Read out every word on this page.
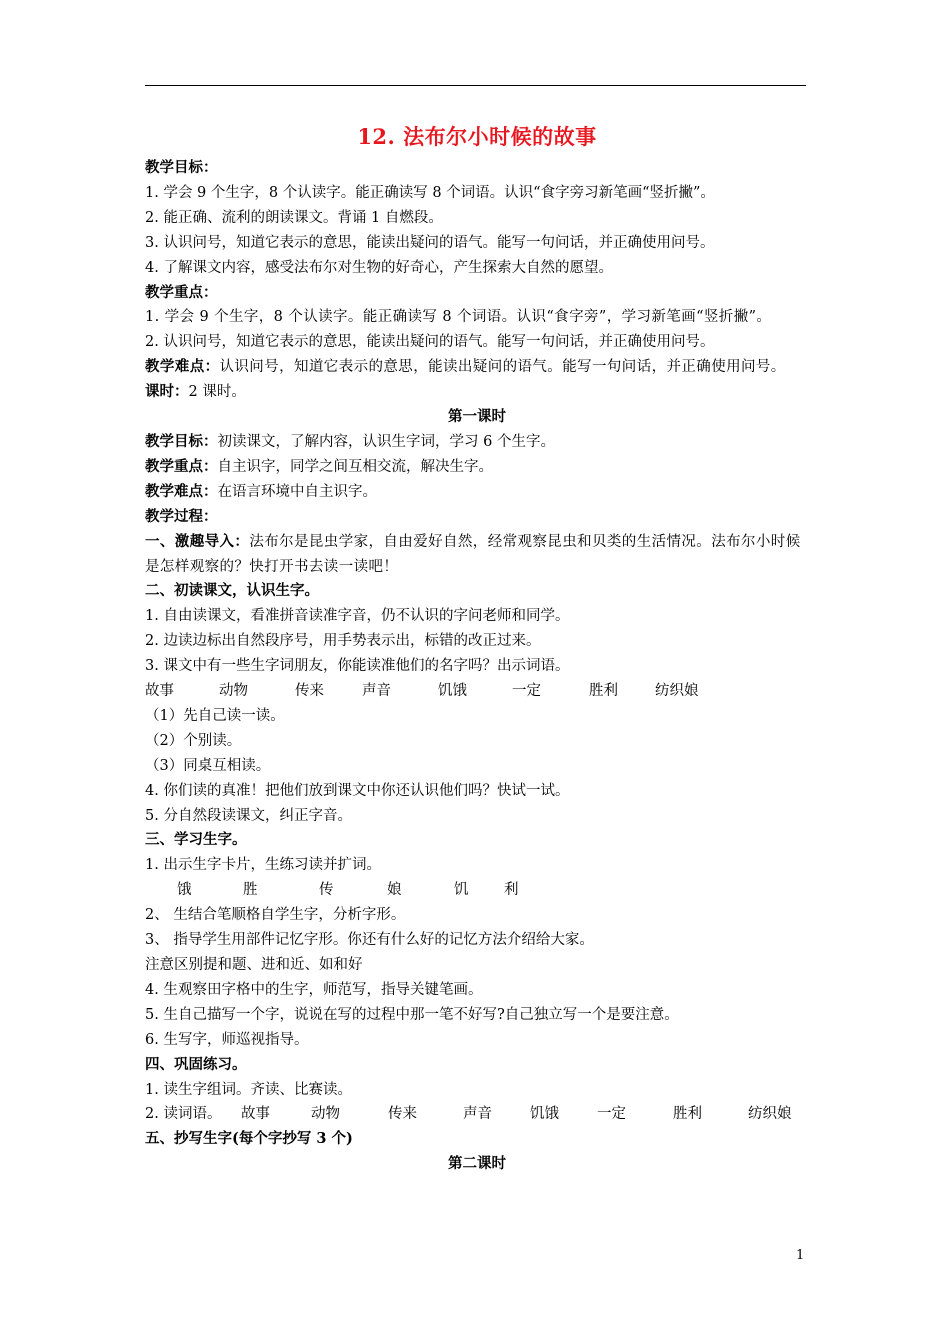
12. 法布尔小时候的故事
教学目标：
1. 学会 9 个生字，8 个认读字。能正确读写 8 个词语。认识“食字旁习新笔画“竖折撇”。
2. 能正确、流利的朗读课文。背诵 1 自燃段。
3. 认识问号，知道它表示的意思，能读出疑问的语气。能写一句问话，并正确使用问号。
4. 了解课文内容，感受法布尔对生物的好奇心，产生探索大自然的愿望。
教学重点：
1. 学会 9 个生字，8 个认读字。能正确读写 8 个词语。认识“食字旁”，学习新笔画“竖折撇”。
2. 认识问号，知道它表示的意思，能读出疑问的语气。能写一句问话，并正确使用问号。
教学难点：认识问号，知道它表示的意思，能读出疑问的语气。能写一句问话，并正确使用问号。
课时：2 课时。
第一课时
教学目标：初读课文，了解内容，认识生字词，学习 6 个生字。
教学重点：自主识字，同学之间互相交流，解决生字。
教学难点：在语言环境中自主识字。
教学过程：
一、激趣导入：法布尔是昆虫学家，自由爱好自然，经常观察昆虫和贝类的生活情况。法布尔小时候是怎样观察的？快打开书去读一读吧！
二、初读课文，认识生字。
1. 自由读课文，看准拼音读准字音，仍不认识的字问老师和同学。
2. 边读边标出自然段序号，用手势表示出，标错的改正过来。
3. 课文中有一些生字词朋友，你能读准他们的名字吗？出示词语。
故事	动物	传来	声音	饥饿	一定	胜利	纺织娘
（1）先自己读一读。
（2）个别读。
（3）同桌互相读。
4. 你们读的真准！把他们放到课文中你还认识他们吗？快试一试。
5. 分自然段读课文，纠正字音。
三、学习生字。
1. 出示生字卡片，生练习读并扩词。
饿	胜	传	娘	饥	利
2、 生结合笔顺格自学生字，分析字形。
3、 指导学生用部件记忆字形。你还有什么好的记忆方法介绍给大家。
注意区别提和题、进和近、如和好
4. 生观察田字格中的生字，师范写，指导关键笔画。
5. 生自己描写一个字，说说在写的过程中那一笔不好写?自己独立写一个是要注意。
6. 生写字，师巡视指导。
四、巩固练习。
1. 读生字组词。齐读、比赛读。
2. 读词语。	故事	动物	传来	声音	饥饿	一定	胜利	纺织娘
五、抄写生字(每个字抄写 3 个)
第二课时
1
